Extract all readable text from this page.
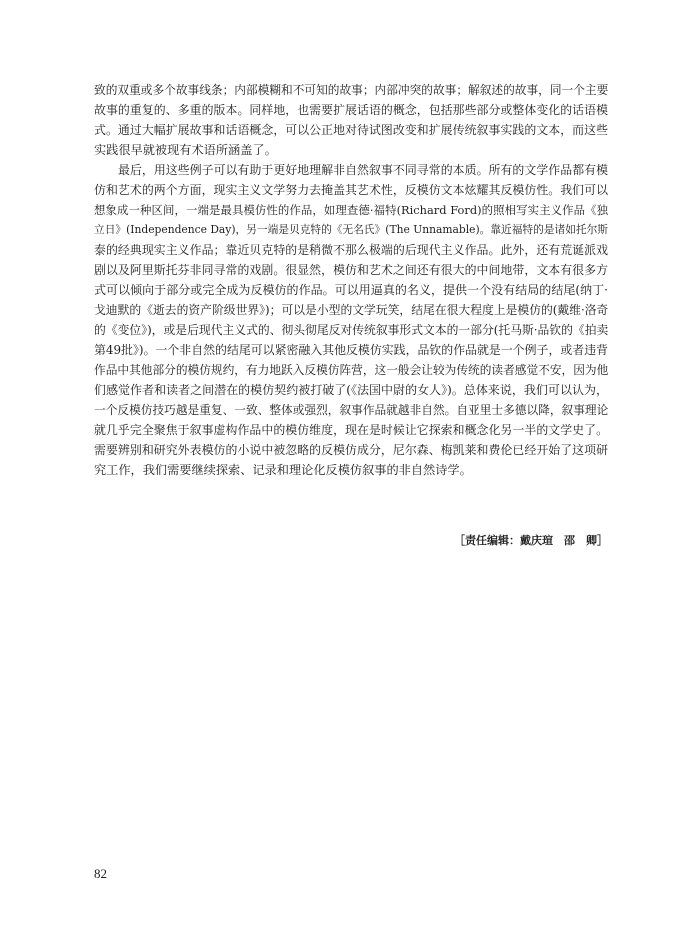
致的双重或多个故事线条；内部模糊和不可知的故事；内部冲突的故事；解叙述的故事，同一个主要
故事的重复的、多重的版本。同样地，也需要扩展话语的概念，包括那些部分或整体变化的话语模
式。通过大幅扩展故事和话语概念，可以公正地对待试图改变和扩展传统叙事实践的文本，而这些
实践很早就被现有术语所涵盖了。
最后，用这些例子可以有助于更好地理解非自然叙事不同寻常的本质。所有的文学作品都有模
仿和艺术的两个方面，现实主义文学努力去掩盖其艺术性，反模仿文本炫耀其反模仿性。我们可以
想象成一种区间，一端是最具模仿性的作品，如理查德·福特(Richard Ford)的照相写实主义作品《独
立日》(Independence Day)，另一端是贝克特的《无名氏》(The Unnamable)。靠近福特的是诸如托尔斯
泰的经典现实主义作品；靠近贝克特的是稍微不那么极端的后现代主义作品。此外，还有荒诞派戏
剧以及阿里斯托芬非同寻常的戏剧。很显然，模仿和艺术之间还有很大的中间地带，文本有很多方
式可以倾向于部分或完全成为反模仿的作品。可以用逼真的名义，提供一个没有结局的结尾(纳丁·
戈迪默的《逝去的资产阶级世界》)；可以是小型的文学玩笑，结尾在很大程度上是模仿的(戴维·洛奇
的《变位》)，或是后现代主义式的、彻头彻尾反对传统叙事形式文本的一部分(托马斯·品钦的《拍卖
第49批》)。一个非自然的结尾可以紧密融入其他反模仿实践，品钦的作品就是一个例子，或者违背
作品中其他部分的模仿规约，有力地跃入反模仿阵营，这一般会让较为传统的读者感觉不安，因为他
们感觉作者和读者之间潜在的模仿契约被打破了(《法国中尉的女人》)。总体来说，我们可以认为，
一个反模仿技巧越是重复、一致、整体或强烈，叙事作品就越非自然。自亚里士多德以降，叙事理论
就几乎完全聚焦于叙事虚构作品中的模仿维度，现在是时候让它探索和概念化另一半的文学史了。
需要辨别和研究外表模仿的小说中被忽略的反模仿成分，尼尔森、梅凯莱和费伦已经开始了这项研
究工作，我们需要继续探索、记录和理论化反模仿叙事的非自然诗学。
［责任编辑：戴庆瑄　邵　卿］
82
